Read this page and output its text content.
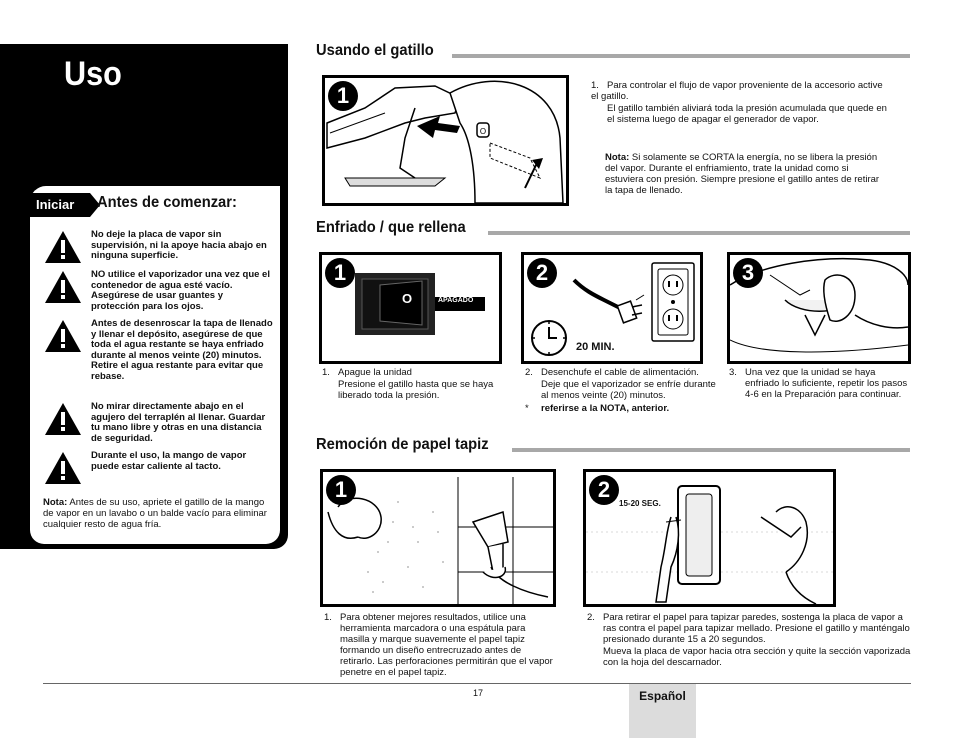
Uso
Iniciar	Antes de comenzar:
No deje la placa de vapor sin supervisión, ni la apoye hacia abajo en ninguna superficie.
NO utilice el vaporizador una vez que el contenedor de agua esté vacío. Asegúrese de usar guantes y protección para los ojos.
Antes de desenroscar la tapa de llenado y llenar el depósito, asegúrese de que toda el agua restante se haya enfriado durante al menos veinte (20) minutos. Retire el agua restante para evitar que rebase.
No mirar directamente abajo en el agujero del terraplén al llenar. Guardar tu mano libre y otras en una distancia de seguridad.
Durante el uso, la mango de vapor puede estar caliente al tacto.
Nota: Antes de su uso, apriete el gatillo de la mango de vapor en un lavabo o un balde vacío para eliminar cualquier resto de agua fría.
Usando el gatillo
O
1	1. Para controlar el flujo de vapor proveniente de la accesorio active el gatillo.

El gatillo también aliviará toda la presión acumulada que quede en el sistema luego de apagar el generador de vapor.

Nota: Si solamente se CORTA la energía, no se libera la presión del vapor. Durante el enfriamiento, trate la unidad como si estuviera con presión. Siempre presione el gatillo antes de retirar la tapa de llenado.
Enfriado / que rellena
O	APAGADO
1
20 MIN.
2	3

1. Apague la unidad

Presione el gatillo hasta que se haya liberado toda la presión.

2. Desenchufe el cable de alimentación.

Deje que el vaporizador se enfríe durante al menos veinte (20) minutos.

* referirse a la NOTA, anterior.

3. Una vez que la unidad se haya enfriado lo suficiente, repetir los pasos 4-6 en la Preparación para continuar.
Remoción de papel tapiz
1
15-20 SEG.
2
1. Para obtener mejores resultados, utilice una herramienta marcadora o una espátula para masilla y marque suavemente el papel tapiz formando un diseño entrecruzado antes de retirarlo. Las perforaciones permitirán que el vapor penetre en el papel tapiz.

2. Para retirar el papel para tapizar paredes, sostenga la placa de vapor a ras contra el papel para tapizar mellado. Presione el gatillo y manténgalo presionado durante 15 a 20 segundos.

Mueva la placa de vapor hacia otra sección y quite la sección vaporizada con la hoja del descarnador.

17	Español
